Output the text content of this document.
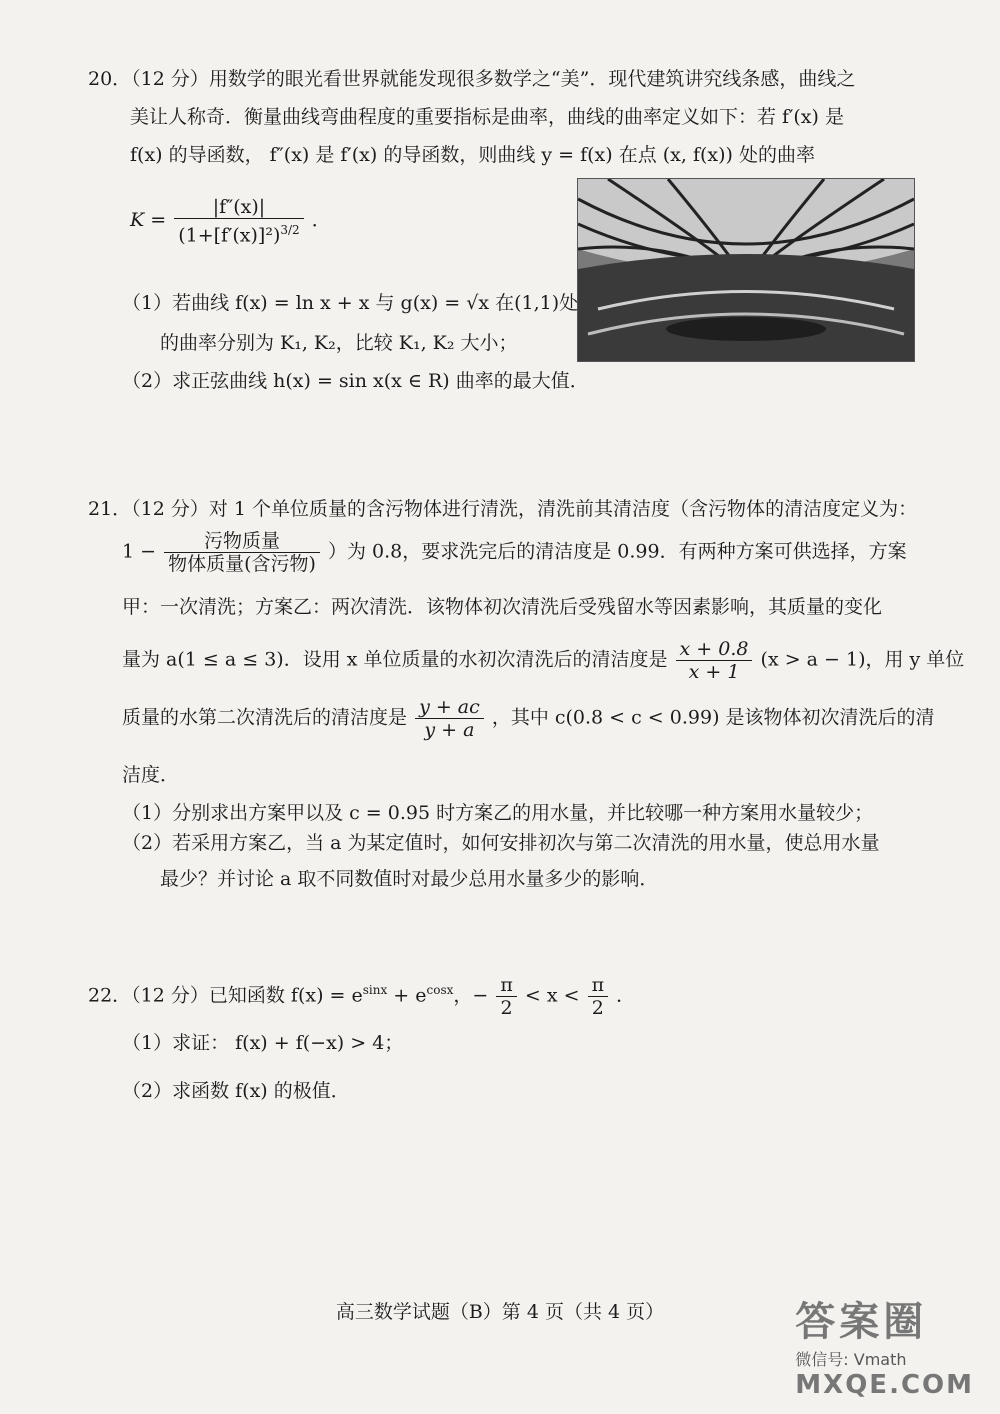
20．（12 分）用数学的眼光看世界就能发现很多数学之“美”．现代建筑讲究线条感，曲线之
美让人称奇．衡量曲线弯曲程度的重要指标是曲率，曲线的曲率定义如下：若 f′(x) 是
f(x) 的导函数， f″(x) 是 f′(x) 的导函数，则曲线 y = f(x) 在点 (x, f(x)) 处的曲率
$K = \frac{|f''(x)|}{(1+[f'(x)]^2)^{3/2}}$ ．
（1）若曲线 f(x) = ln x + x 与 g(x) = √x 在(1,1)处
的曲率分别为 K₁, K₂，比较 K₁, K₂ 大小；
（2）求正弦曲线 h(x) = sin x(x ∈ R) 曲率的最大值．
21．（12 分）对 1 个单位质量的含污物体进行清洗，清洗前其清洁度（含污物体的清洁度定义为：
$1 - \frac{\text{污物质量}}{\text{物体质量(含污物)}}$ ）为 0.8，要求洗完后的清洁度是 0.99．有两种方案可供选择，方案
甲：一次清洗；方案乙：两次清洗．该物体初次清洗后受残留水等因素影响，其质量的变化
量为 a(1 ≤ a ≤ 3)．设用 x 单位质量的水初次清洗后的清洁度是 $\frac{x + 0.8}{x + 1} (x > a - 1)$，用 y 单位
质量的水第二次清洗后的清洁度是 $\frac{y + ac}{y + a}$ ，其中 c(0.8 < c < 0.99) 是该物体初次清洗后的清
洁度．
（1）分别求出方案甲以及 c = 0.95 时方案乙的用水量，并比较哪一种方案用水量较少；
（2）若采用方案乙，当 a 为某定值时，如何安排初次与第二次清洗的用水量，使总用水量
最少？并讨论 a 取不同数值时对最少总用水量多少的影响．
22．（12 分）已知函数 $f(x) = e^{sinx} + e^{cosx}$，− $\frac{\pi}{2} < x < \frac{\pi}{2}$ ．
（1）求证： f(x) + f(−x) > 4；
（2）求函数 f(x) 的极值．
高三数学试题（B）第 4 页（共 4 页）	答案圈
微信号: Vmath
MXQE.COM
